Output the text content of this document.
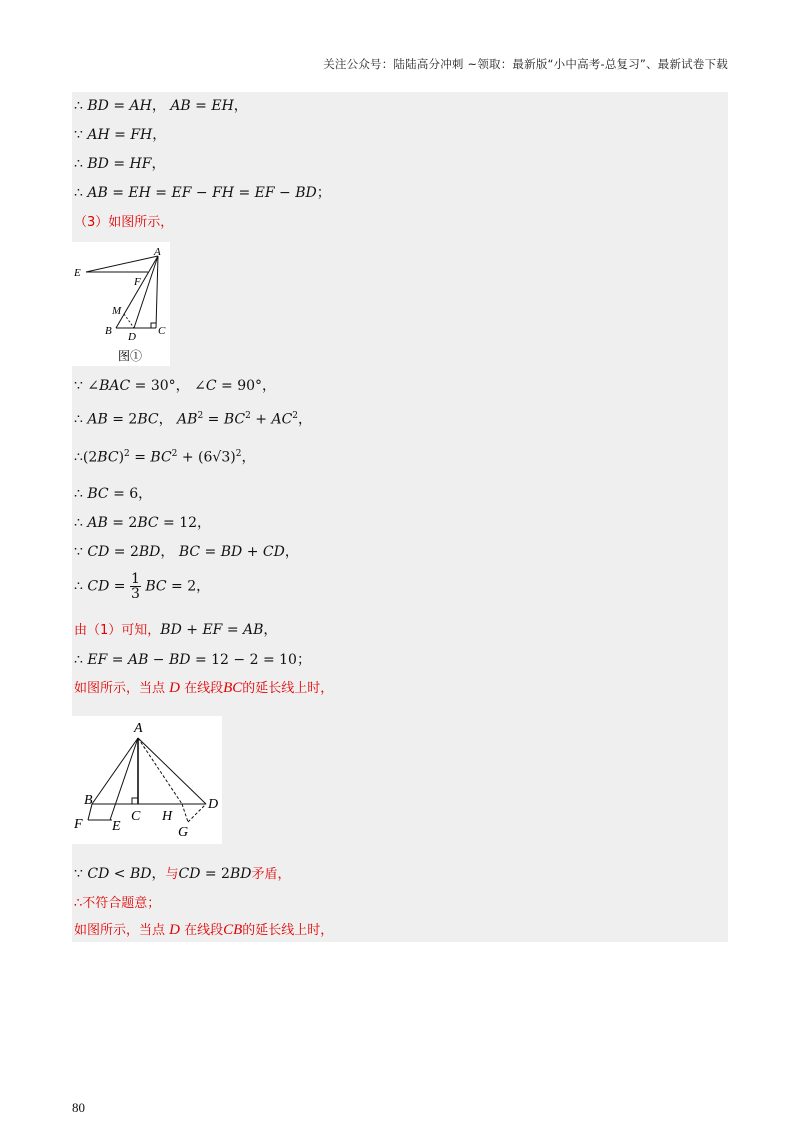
关注公众号：陆陆高分冲刺 ~领取：最新版“小中高考-总复习”、最新试卷下载
∴ BD = AH， AB = EH，
∵ AH = FH，
∴ BD = HF，
∴ AB = EH = EF − FH = EF − BD；
（3）如图所示，
A
E
F
M
B D C
图①
∵ ∠BAC = 30°， ∠C = 90°，
∴ AB = 2BC， $AB^2 = BC^2 + AC^2$，
$\therefore(2BC)^2 = BC^2 + (6√3)^2$，
∴ BC = 6，
∴ AB = 2BC = 12，
∵ CD = 2BD， BC = BD + CD，
∴ CD = $\frac{1}{3}$ BC = 2，
由（1）可知，BD + EF = AB，
∴ EF = AB − BD = 12 − 2 = 10；
如图所示，当点 D 在线段BC的延长线上时，
A
B
C H
D
F E	G
∵ CD < BD，与CD = 2BD矛盾，
∴不符合题意；
如图所示，当点 D 在线段CB的延长线上时，
80
